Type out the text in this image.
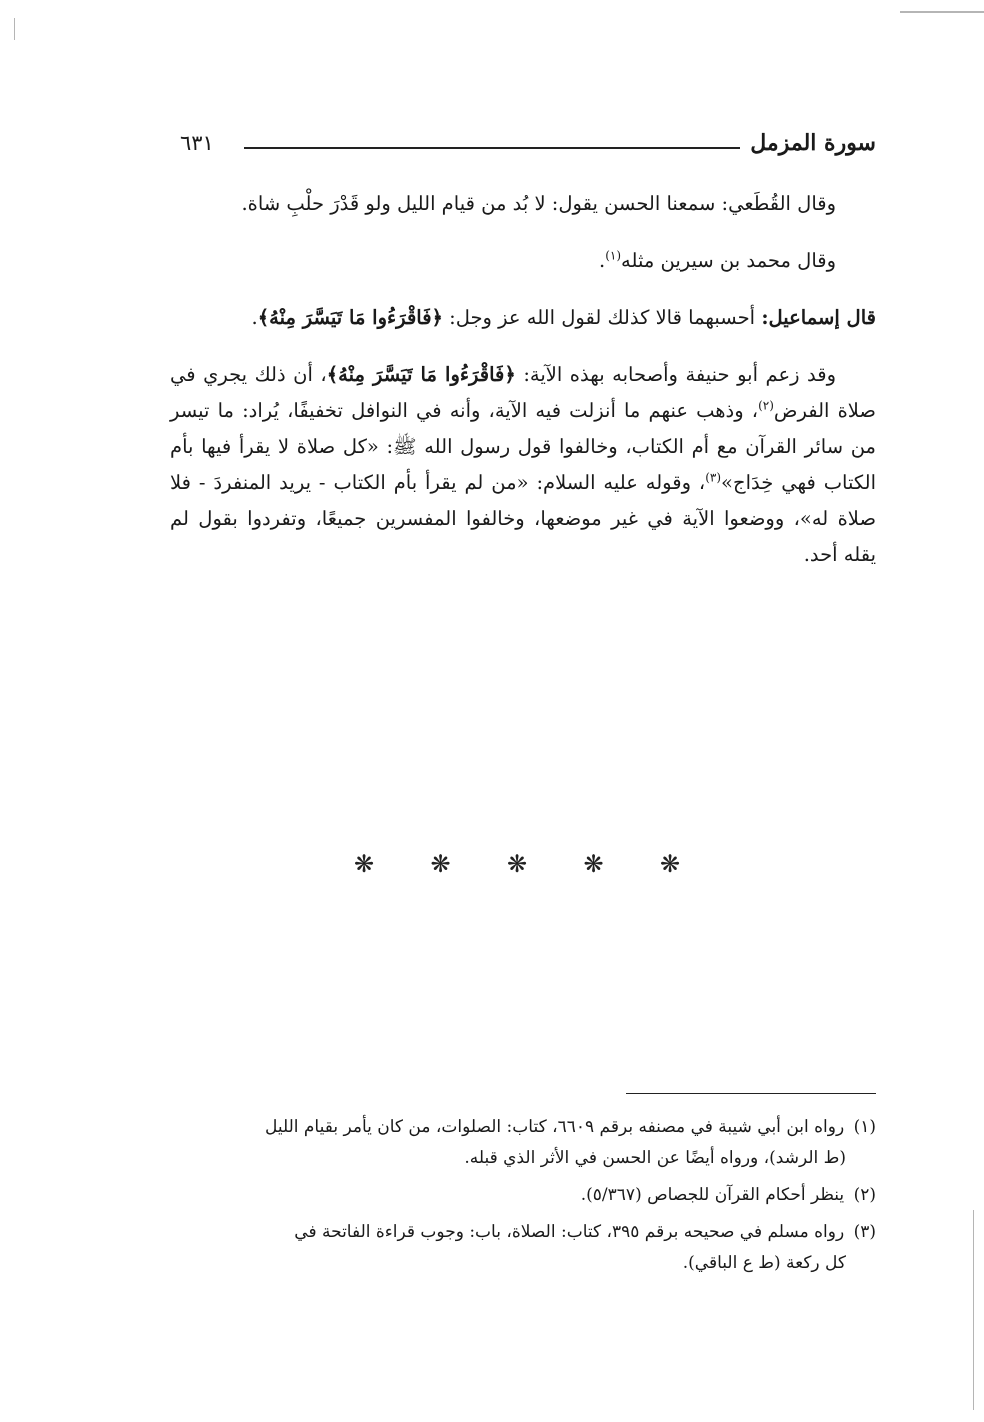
سورة المزمل
٦٣١

وقال القُطَعي: سمعنا الحسن يقول: لا بُد من قيام الليل ولو قَدْرَ حلْبِ شاة.

وقال محمد بن سيرين مثله$^{(١)}$.

قال إسماعيل: أحسبهما قالا كذلك لقول الله عز وجل: ﴿فَاقْرَءُوا مَا تَيَسَّرَ مِنْهُ﴾.

وقد زعم أبو حنيفة وأصحابه بهذه الآية: ﴿فَاقْرَءُوا مَا تَيَسَّرَ مِنْهُ﴾، أن ذلك يجري في صلاة الفرض$^{(٢)}$، وذهب عنهم ما أنزلت فيه الآية، وأنه في النوافل تخفيفًا، يُراد: ما تيسر من سائر القرآن مع أم الكتاب، وخالفوا قول رسول الله ﷺ: «كل صلاة لا يقرأ فيها بأم الكتاب فهي خِدَاج»$^{(٣)}$، وقوله عليه السلام: «من لم يقرأ بأم الكتاب - يريد المنفردَ - فلا صلاة له»، ووضعوا الآية في غير موضعها، وخالفوا المفسرين جميعًا، وتفردوا بقول لم يقله أحد.

❋ ❋ ❋ ❋ ❋

(١) رواه ابن أبي شيبة في مصنفه برقم ٦٦٠٩، كتاب: الصلوات، من كان يأمر بقيام الليل
(ط الرشد)، ورواه أيضًا عن الحسن في الأثر الذي قبله.

(٢) ينظر أحكام القرآن للجصاص (٥/٣٦٧).

(٣) رواه مسلم في صحيحه برقم ٣٩٥، كتاب: الصلاة، باب: وجوب قراءة الفاتحة في
كل ركعة (ط ع الباقي).
